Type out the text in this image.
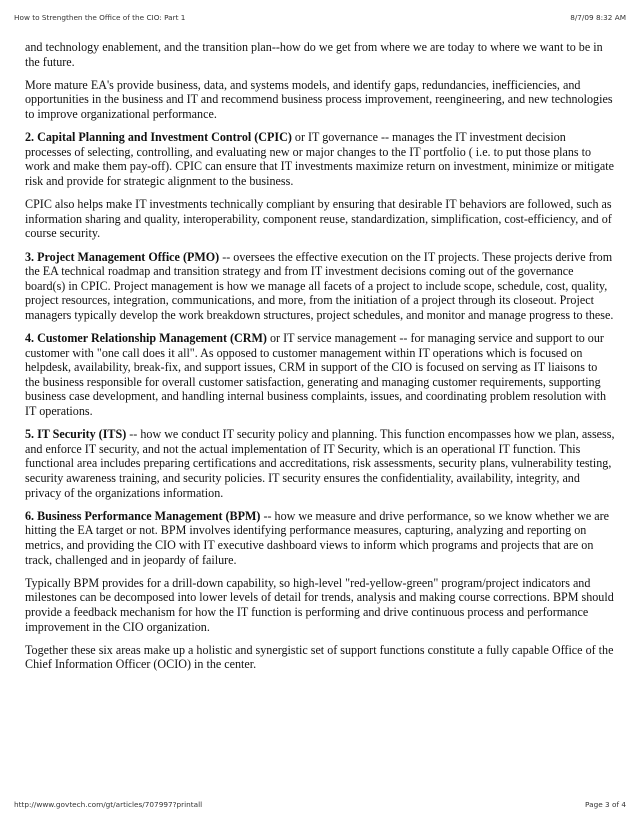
How to Strengthen the Office of the CIO: Part 1	8/7/09 8:32 AM

and technology enablement, and the transition plan--how do we get from where we are today to where we want to be in the future.

More mature EA's provide business, data, and systems models, and identify gaps, redundancies, inefficiencies, and opportunities in the business and IT and recommend business process improvement, reengineering, and new technologies to improve organizational performance.

2. Capital Planning and Investment Control (CPIC) or IT governance -- manages the IT investment decision processes of selecting, controlling, and evaluating new or major changes to the IT portfolio ( i.e. to put those plans to work and make them pay-off). CPIC can ensure that IT investments maximize return on investment, minimize or mitigate risk and provide for strategic alignment to the business.

CPIC also helps make IT investments technically compliant by ensuring that desirable IT behaviors are followed, such as information sharing and quality, interoperability, component reuse, standardization, simplification, cost-efficiency, and of course security.

3. Project Management Office (PMO) -- oversees the effective execution on the IT projects. These projects derive from the EA technical roadmap and transition strategy and from IT investment decisions coming out of the governance board(s) in CPIC. Project management is how we manage all facets of a project to include scope, schedule, cost, quality, project resources, integration, communications, and more, from the initiation of a project through its closeout. Project managers typically develop the work breakdown structures, project schedules, and monitor and manage progress to these.

4. Customer Relationship Management (CRM) or IT service management -- for managing service and support to our customer with "one call does it all". As opposed to customer management within IT operations which is focused on helpdesk, availability, break-fix, and support issues, CRM in support of the CIO is focused on serving as IT liaisons to the business responsible for overall customer satisfaction, generating and managing customer requirements, supporting business case development, and handling internal business complaints, issues, and coordinating problem resolution with IT operations.

5. IT Security (ITS) -- how we conduct IT security policy and planning. This function encompasses how we plan, assess, and enforce IT security, and not the actual implementation of IT Security, which is an operational IT function. This functional area includes preparing certifications and accreditations, risk assessments, security plans, vulnerability testing, security awareness training, and security policies. IT security ensures the confidentiality, availability, integrity, and privacy of the organizations information.

6. Business Performance Management (BPM) -- how we measure and drive performance, so we know whether we are hitting the EA target or not. BPM involves identifying performance measures, capturing, analyzing and reporting on metrics, and providing the CIO with IT executive dashboard views to inform which programs and projects that are on track, challenged and in jeopardy of failure.

Typically BPM provides for a drill-down capability, so high-level "red-yellow-green" program/project indicators and milestones can be decomposed into lower levels of detail for trends, analysis and making course corrections. BPM should provide a feedback mechanism for how the IT function is performing and drive continuous process and performance improvement in the CIO organization.

Together these six areas make up a holistic and synergistic set of support functions constitute a fully capable Office of the Chief Information Officer (OCIO) in the center.

http://www.govtech.com/gt/articles/707997?printall	Page 3 of 4
